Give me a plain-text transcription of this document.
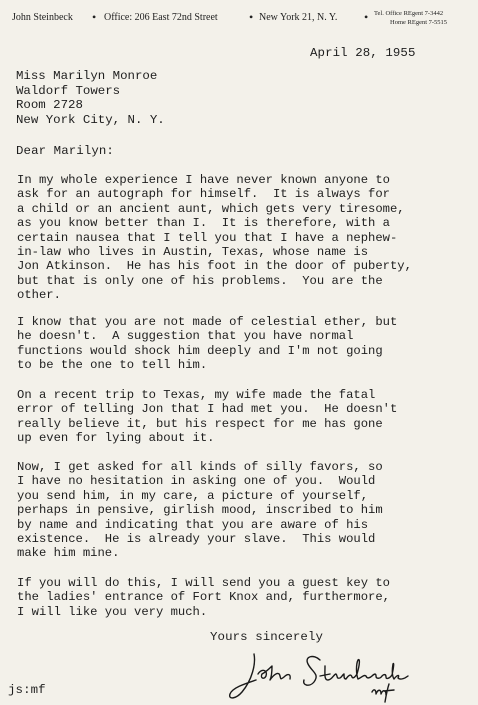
John Steinbeck • Office: 206 East 72nd Street	• New York 21, N. Y. • Tel. Office REgent 7-3442
Home REgent 7-5515
April 28, 1955
Miss Marilyn Monroe
Waldorf Towers
Room 2728
New York City, N. Y.
Dear Marilyn:
In my whole experience I have never known anyone to
ask for an autograph for himself.  It is always for
a child or an ancient aunt, which gets very tiresome,
as you know better than I.  It is therefore, with a
certain nausea that I tell you that I have a nephew-
in-law who lives in Austin, Texas, whose name is
Jon Atkinson.  He has his foot in the door of puberty,
but that is only one of his problems.  You are the
other.
I know that you are not made of celestial ether, but
he doesn't.  A suggestion that you have normal
functions would shock him deeply and I'm not going
to be the one to tell him.
On a recent trip to Texas, my wife made the fatal
error of telling Jon that I had met you.  He doesn't
really believe it, but his respect for me has gone
up even for lying about it.
Now, I get asked for all kinds of silly favors, so
I have no hesitation in asking one of you.  Would
you send him, in my care, a picture of yourself,
perhaps in pensive, girlish mood, inscribed to him
by name and indicating that you are aware of his
existence.  He is already your slave.  This would
make him mine.
If you will do this, I will send you a guest key to
the ladies' entrance of Fort Knox and, furthermore,
I will like you very much.
Yours sincerely
js:mf
